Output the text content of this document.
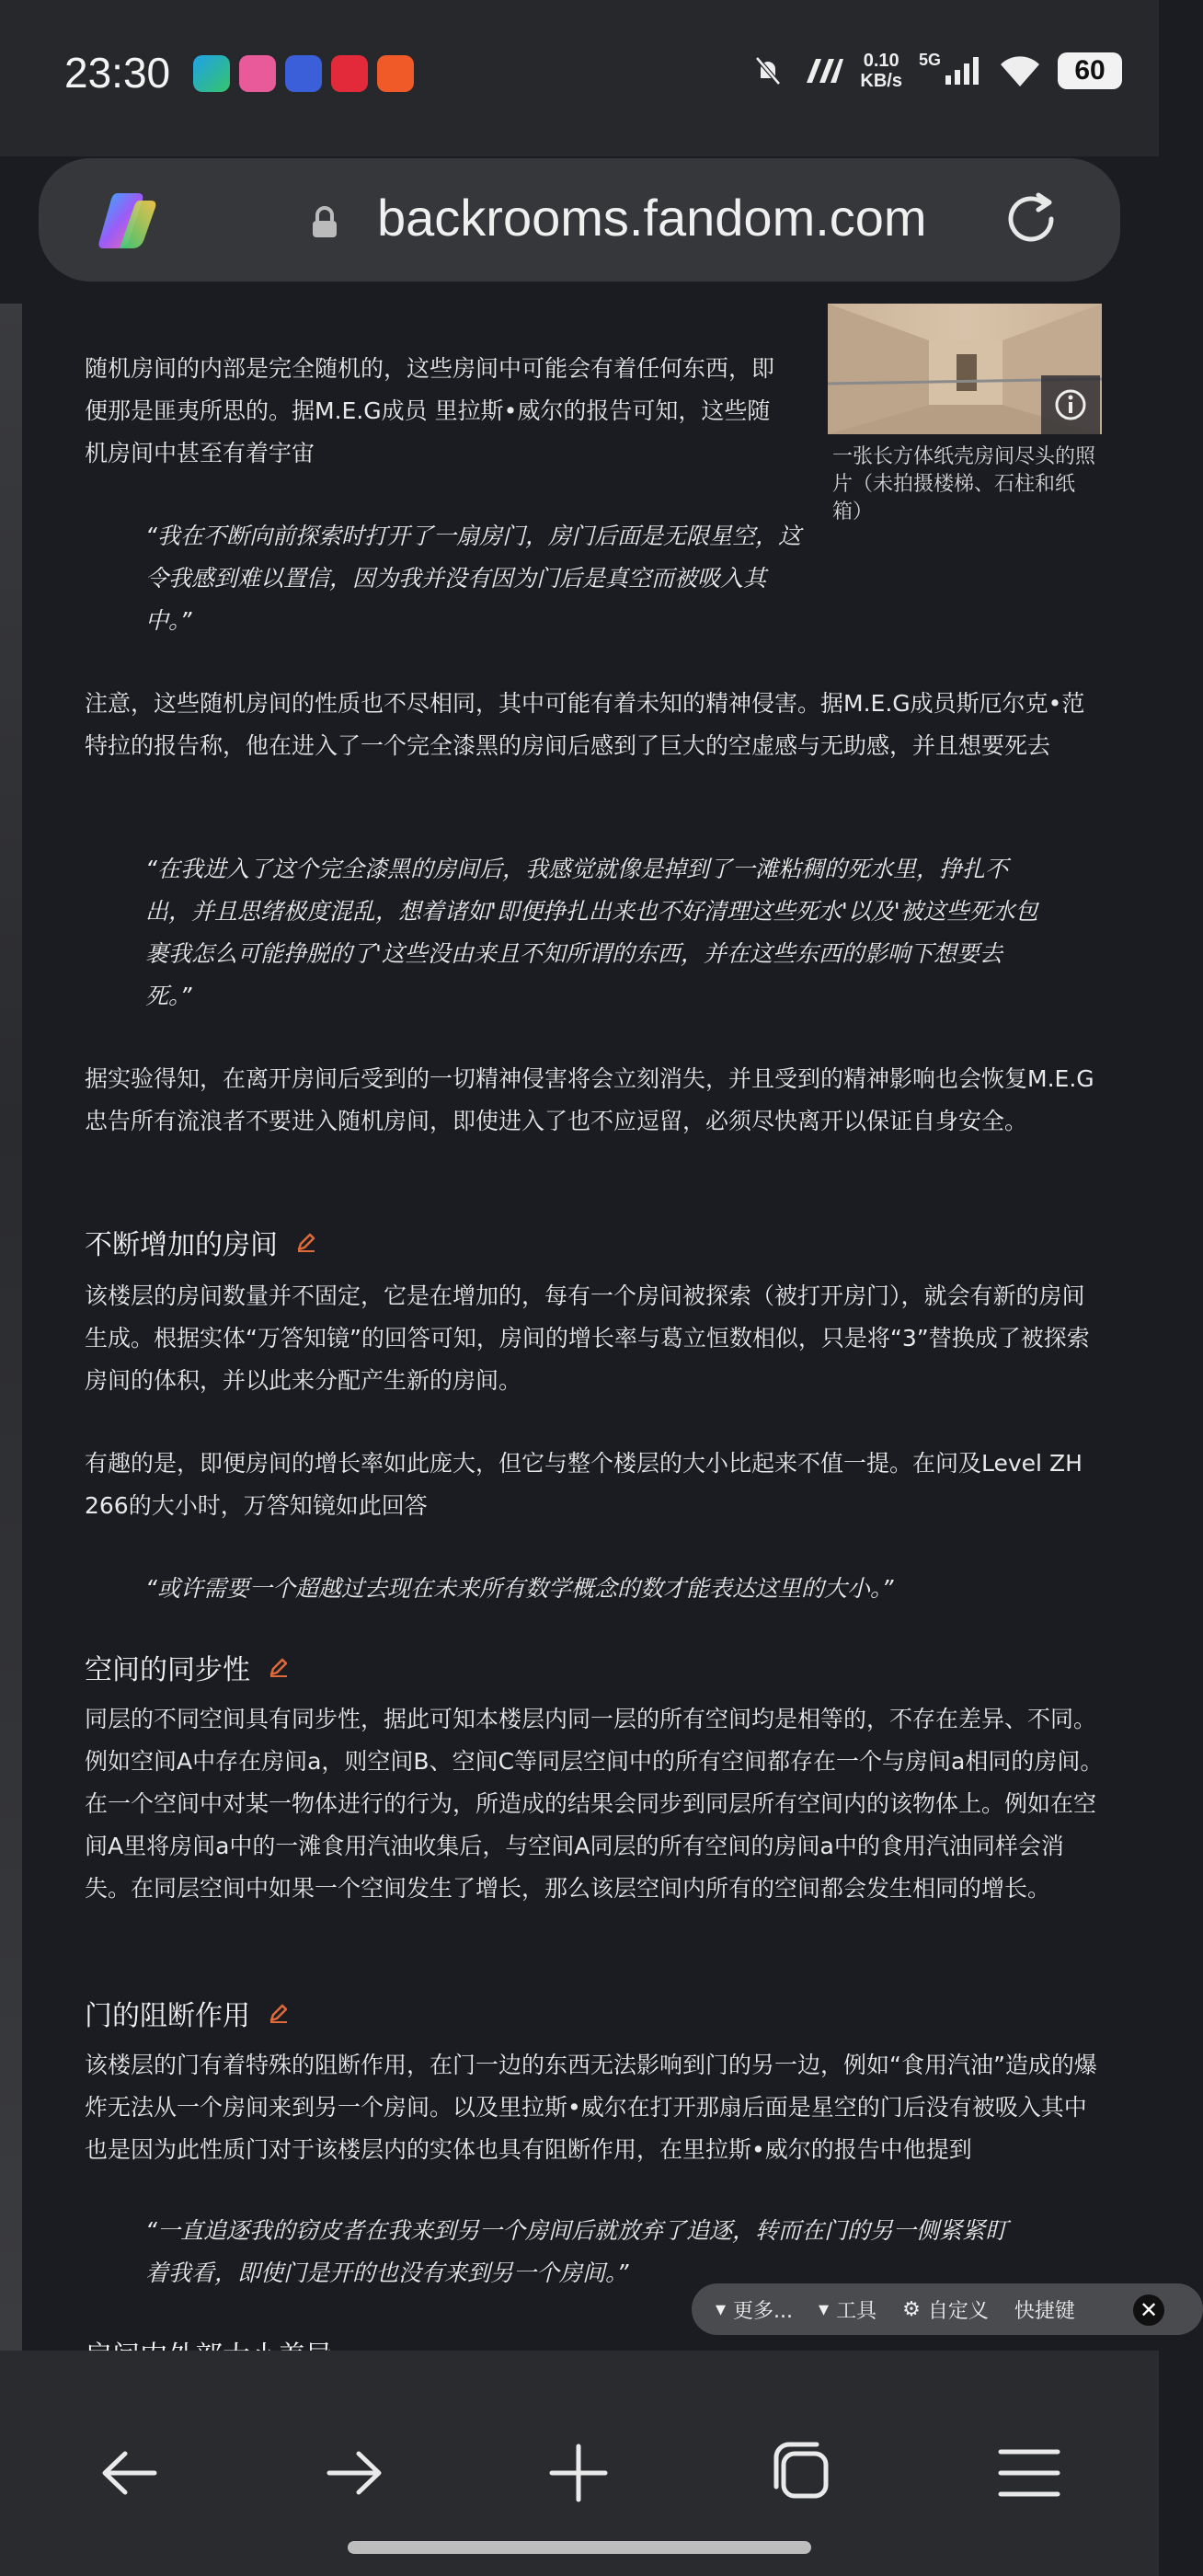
23:30	0.10
KB/s
5G	60
backrooms.fandom.com

一张长方体纸壳房间尽头的照片（未拍摄楼梯、石柱和纸箱）

随机房间的内部是完全随机的，这些房间中可能会有着任何东西，即便那是匪夷所思的。据M.E.G成员 里拉斯•威尔的报告可知，这些随机房间中甚至有着宇宙

“我在不断向前探索时打开了一扇房门，房门后面是无限星空，这令我感到难以置信，因为我并没有因为门后是真空而被吸入其中。”

注意，这些随机房间的性质也不尽相同，其中可能有着未知的精神侵害。据M.E.G成员斯厄尔克•范特拉的报告称，他在进入了一个完全漆黑的房间后感到了巨大的空虚感与无助感，并且想要死去

“在我进入了这个完全漆黑的房间后，我感觉就像是掉到了一滩粘稠的死水里，挣扎不出，并且思绪极度混乱，想着诸如'即便挣扎出来也不好清理这些死水'以及'被这些死水包裹我怎么可能挣脱的了'这些没由来且不知所谓的东西，并在这些东西的影响下想要去死。”

据实验得知，在离开房间后受到的一切精神侵害将会立刻消失，并且受到的精神影响也会恢复M.E.G忠告所有流浪者不要进入随机房间，即使进入了也不应逗留，必须尽快离开以保证自身安全。

不断增加的房间

该楼层的房间数量并不固定，它是在增加的，每有一个房间被探索（被打开房门），就会有新的房间生成。根据实体“万答知镜”的回答可知，房间的增长率与葛立恒数相似，只是将“3”替换成了被探索房间的体积，并以此来分配产生新的房间。

有趣的是，即便房间的增长率如此庞大，但它与整个楼层的大小比起来不值一提。在问及Level ZH 266的大小时，万答知镜如此回答

“或许需要一个超越过去现在未来所有数学概念的数才能表达这里的大小。”

空间的同步性

同层的不同空间具有同步性，据此可知本楼层内同一层的所有空间均是相等的，不存在差异、不同。例如空间A中存在房间a，则空间B、空间C等同层空间中的所有空间都存在一个与房间a相同的房间。在一个空间中对某一物体进行的行为，所造成的结果会同步到同层所有空间内的该物体上。例如在空间A里将房间a中的一滩食用汽油收集后，与空间A同层的所有空间的房间a中的食用汽油同样会消失。在同层空间中如果一个空间发生了增长，那么该层空间内所有的空间都会发生相同的增长。

门的阻断作用

该楼层的门有着特殊的阻断作用，在门一边的东西无法影响到门的另一边，例如“食用汽油”造成的爆炸无法从一个房间来到另一个房间。以及里拉斯•威尔在打开那扇后面是星空的门后没有被吸入其中也是因为此性质门对于该楼层内的实体也具有阻断作用，在里拉斯•威尔的报告中他提到

“一直追逐我的窃皮者在我来到另一个房间后就放弃了追逐，转而在门的另一侧紧紧盯着我看，即使门是开的也没有来到另一个房间。”

▾ 更多... ▾ 工具 ⚙ 自定义 快捷键	✕
